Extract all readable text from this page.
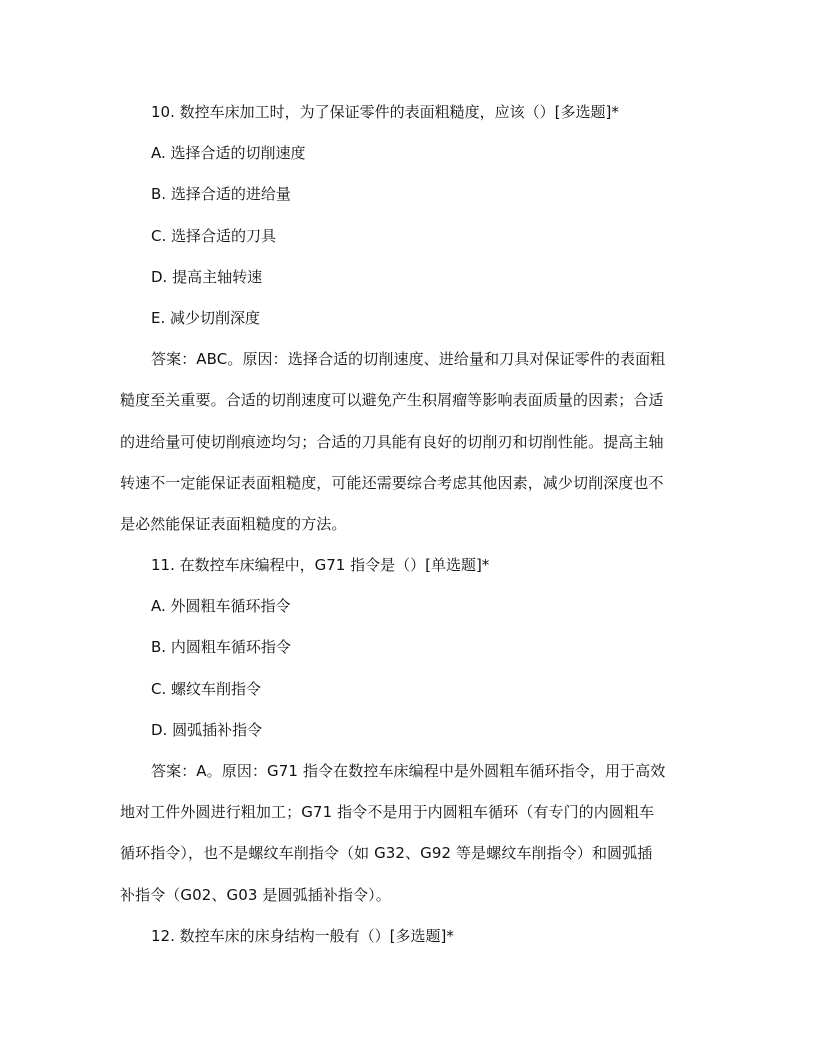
10. 数控车床加工时，为了保证零件的表面粗糙度，应该（）[多选题]*
A. 选择合适的切削速度
B. 选择合适的进给量
C. 选择合适的刀具
D. 提高主轴转速
E. 减少切削深度
答案：ABC。原因：选择合适的切削速度、进给量和刀具对保证零件的表面粗
糙度至关重要。合适的切削速度可以避免产生积屑瘤等影响表面质量的因素；合适
的进给量可使切削痕迹均匀；合适的刀具能有良好的切削刃和切削性能。提高主轴
转速不一定能保证表面粗糙度，可能还需要综合考虑其他因素，减少切削深度也不
是必然能保证表面粗糙度的方法。
11. 在数控车床编程中，G71 指令是（）[单选题]*
A. 外圆粗车循环指令
B. 内圆粗车循环指令
C. 螺纹车削指令
D. 圆弧插补指令
答案：A。原因：G71 指令在数控车床编程中是外圆粗车循环指令，用于高效
地对工件外圆进行粗加工；G71 指令不是用于内圆粗车循环（有专门的内圆粗车
循环指令），也不是螺纹车削指令（如 G32、G92 等是螺纹车削指令）和圆弧插
补指令（G02、G03 是圆弧插补指令）。
12. 数控车床的床身结构一般有（）[多选题]*
